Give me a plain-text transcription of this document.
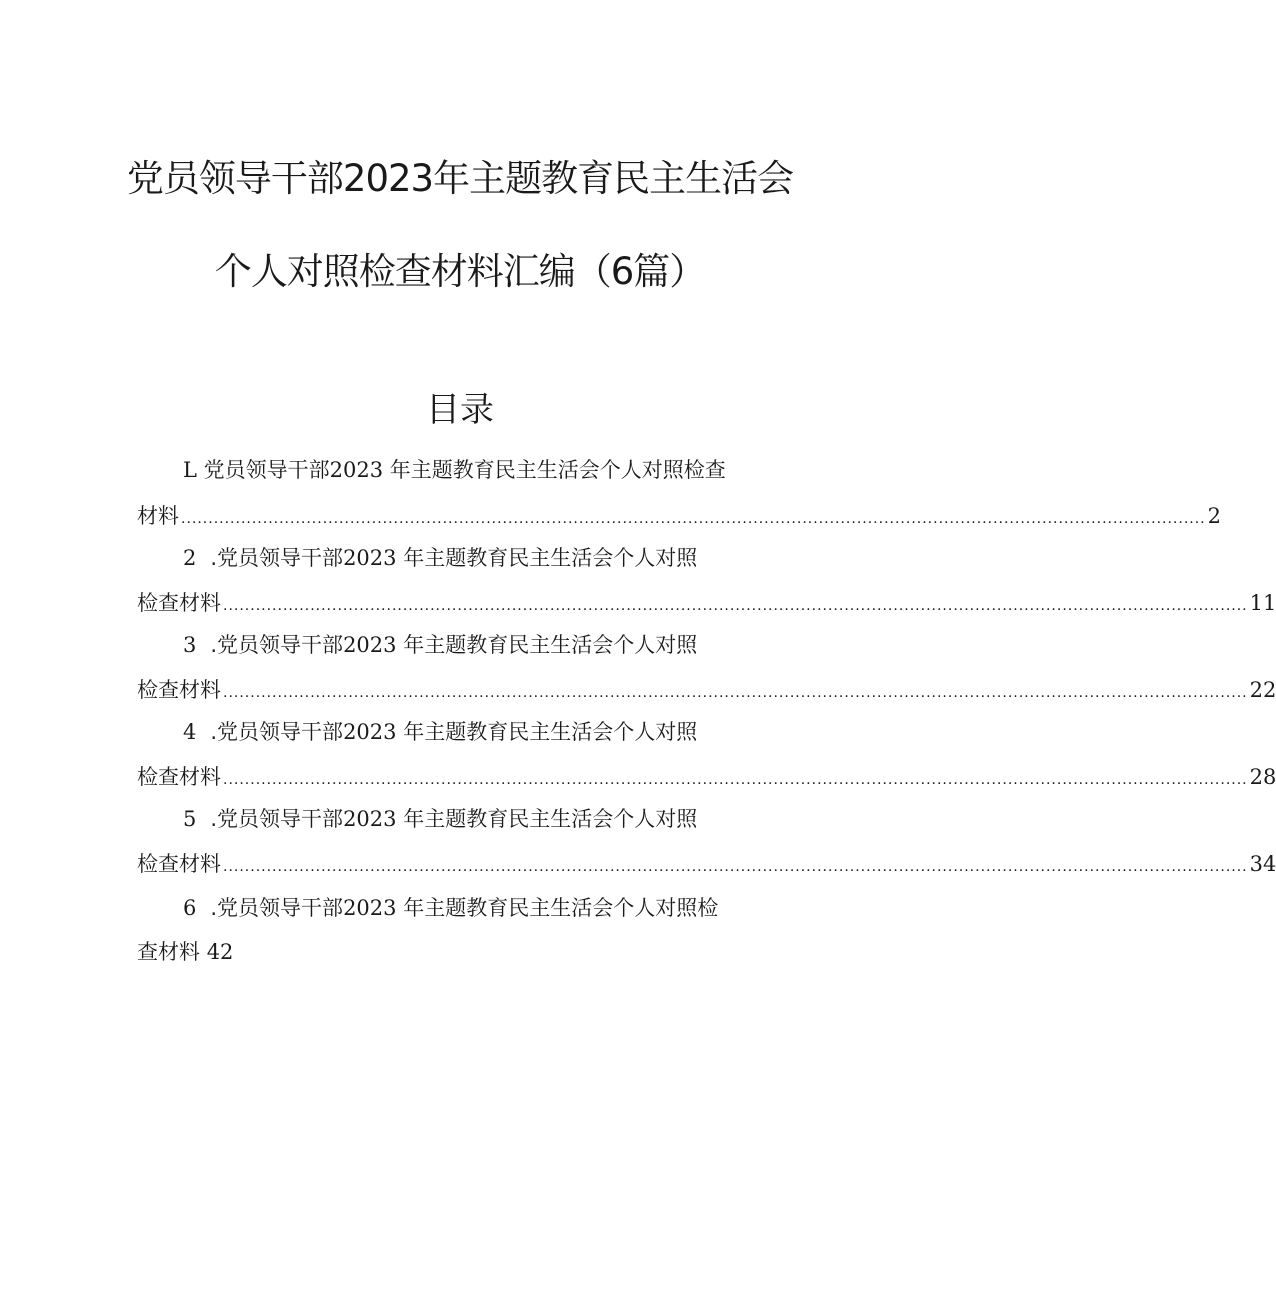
党员领导干部2023年主题教育民主生活会
个人对照检查材料汇编（6篇）
目录
L 党员领导干部2023 年主题教育民主生活会个人对照检查
材料 ............................................................................................................................................................................................ 2
2 .党员领导干部2023 年主题教育民主生活会个人对照
检查材料 ............................................................................................................................................................................................ 11
3 .党员领导干部2023 年主题教育民主生活会个人对照
检查材料 ............................................................................................................................................................................................ 22
4 .党员领导干部2023 年主题教育民主生活会个人对照
检查材料 ............................................................................................................................................................................................ 28
5 .党员领导干部2023 年主题教育民主生活会个人对照
检查材料 ............................................................................................................................................................................................ 34
6 .党员领导干部2023 年主题教育民主生活会个人对照检
查材料
42
